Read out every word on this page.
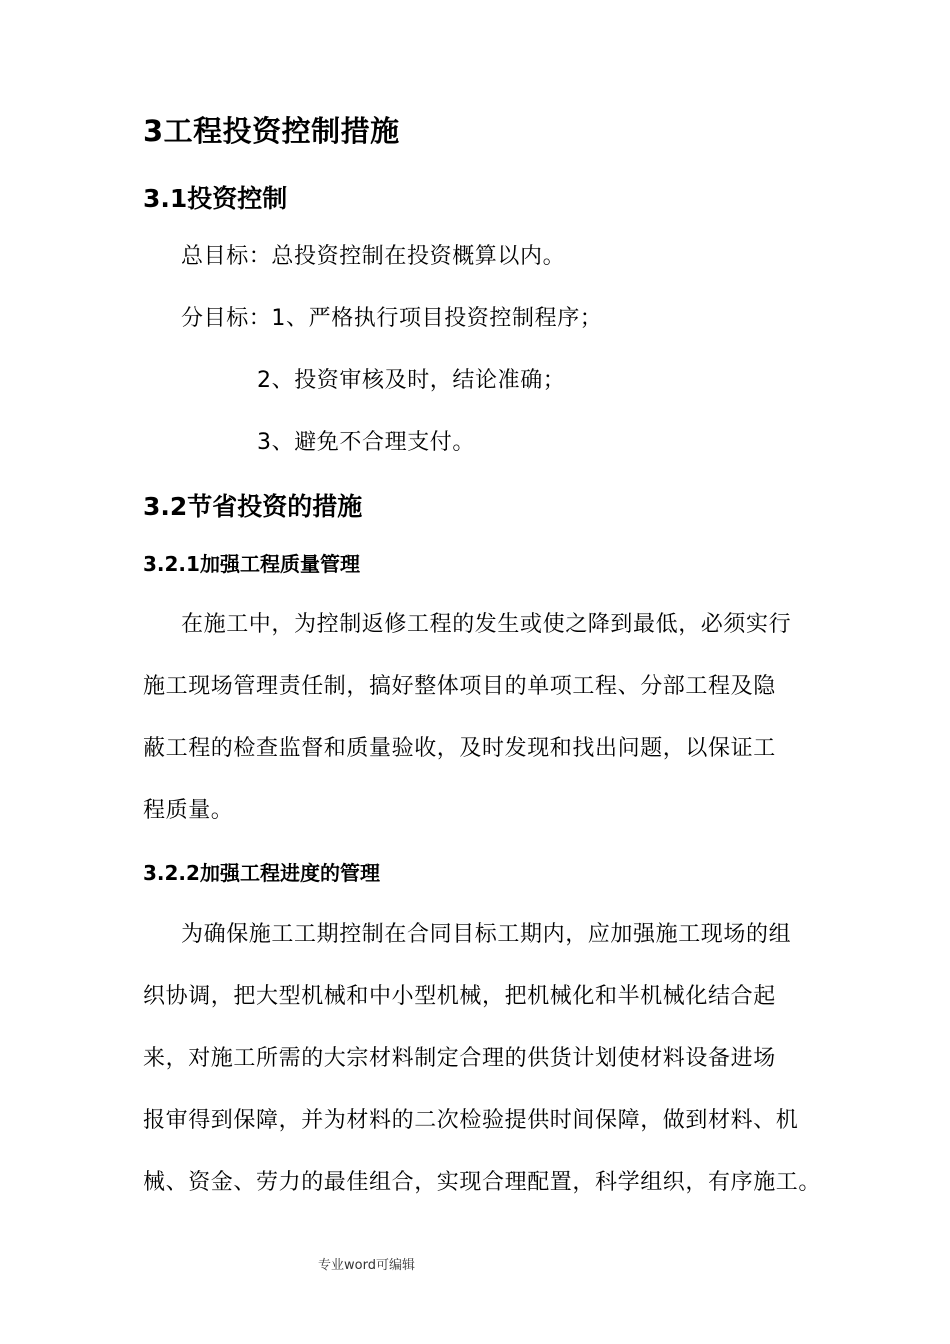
3工程投资控制措施
3.1投资控制

总目标：总投资控制在投资概算以内。

分目标：1、严格执行项目投资控制程序；

2、投资审核及时，结论准确；

3、避免不合理支付。

3.2节省投资的措施
3.2.1加强工程质量管理

在施工中，为控制返修工程的发生或使之降到最低，必须实行

施工现场管理责任制，搞好整体项目的单项工程、分部工程及隐

蔽工程的检查监督和质量验收，及时发现和找出问题，以保证工

程质量。

3.2.2加强工程进度的管理

为确保施工工期控制在合同目标工期内，应加强施工现场的组

织协调，把大型机械和中小型机械，把机械化和半机械化结合起

来，对施工所需的大宗材料制定合理的供货计划使材料设备进场

报审得到保障，并为材料的二次检验提供时间保障，做到材料、机

械、资金、劳力的最佳组合，实现合理配置，科学组织，有序施工。

专业word可编辑
